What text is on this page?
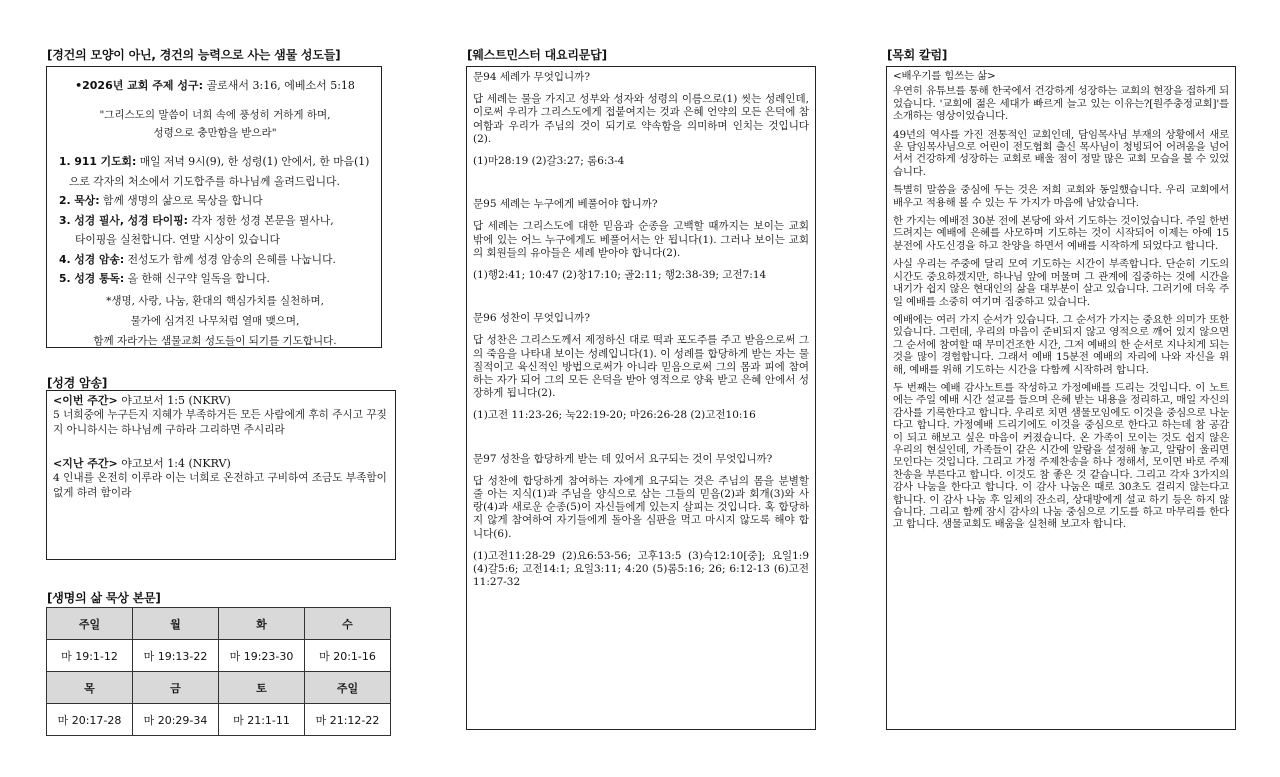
[경건의 모양이 아닌, 경건의 능력으로 사는 샘물 성도들]

•2026년 교회 주제 성구: 골로새서 3:16, 에베소서 5:18

"그리스도의 말씀이 너희 속에 풍성히 거하게 하며,

성령으로 충만함을 받으라"

1. 911 기도회: 매일 저녁 9시(9), 한 성령(1) 안에서, 한 마음(1)

으로 각자의 처소에서 기도합주를 하나님께 올려드립니다.

2. 묵상: 함께 생명의 삶으로 묵상을 합니다

3. 성경 필사, 성경 타이핑: 각자 정한 성경 본문을 필사나,

타이핑을 실천합니다. 연말 시상이 있습니다

4. 성경 암송: 전성도가 함께 성경 암송의 은혜를 나눕니다.

5. 성경 통독: 올 한해 신구약 일독을 합니다.

*생명, 사랑, 나눔, 환대의 핵심가치를 실천하며,

물가에 심겨진 나무처럼 열매 맺으며,

함께 자라가는 샘물교회 성도들이 되기를 기도합니다.

[성경 암송]

<이번 주간> 야고보서 1:5 (NKRV)

5 너희중에 누구든지 지혜가 부족하거든 모든 사람에게 후히 주시고 꾸짖지 아니하시는 하나님께 구하라 그리하면 주시리라

<지난 주간> 야고보서 1:4 (NKRV)

4 인내를 온전히 이루라 이는 너희로 온전하고 구비하여 조금도 부족함이 없게 하려 함이라

[생명의 삶 묵상 본문]
주일	월	화	수
마 19:1-12	마 19:13-22	마 19:23-30	마 20:1-16
목	금	토	주일
마 20:17-28	마 20:29-34	마 21:1-11	마 21:12-22
[웨스트민스터 대요리문답]

문94 세례가 무엇입니까?

답 세례는 물을 가지고 성부와 성자와 성령의 이름으로(1) 씻는 성례인데, 이로써 우리가 그리스도에게 접붙여지는 것과 은혜 언약의 모든 은덕에 참여함과 우리가 주님의 것이 되기로 약속함을 의미하며 인치는 것입니다(2).

(1)마28:19 (2)갈3:27; 롬6:3-4

문95 세례는 누구에게 베풀어야 합니까?

답 세례는 그리스도에 대한 믿음과 순종을 고백할 때까지는 보이는 교회 밖에 있는 어느 누구에게도 베풀어서는 안 됩니다(1). 그러나 보이는 교회의 회원들의 유아들은 세례 받아야 합니다(2).

(1)행2:41; 10:47 (2)창17:10; 골2:11; 행2:38-39; 고전7:14

문96 성찬이 무엇입니까?

답 성찬은 그리스도께서 제정하신 대로 떡과 포도주를 주고 받음으로써 그의 죽음을 나타내 보이는 성례입니다(1). 이 성례를 합당하게 받는 자는 물질적이고 육신적인 방법으로써가 아니라 믿음으로써 그의 몸과 피에 참여하는 자가 되어 그의 모든 은덕을 받아 영적으로 양육 받고 은혜 안에서 성장하게 됩니다(2).

(1)고전 11:23-26; 눅22:19-20; 마26:26-28 (2)고전10:16

문97 성찬을 합당하게 받는 데 있어서 요구되는 것이 무엇입니까?

답 성찬에 합당하게 참여하는 자에게 요구되는 것은 주님의 몸을 분별할 줄 아는 지식(1)과 주님을 양식으로 삼는 그들의 믿음(2)과 회개(3)와 사랑(4)과 새로운 순종(5)이 자신들에게 있는지 살피는 것입니다. 혹 합당하지 않게 참여하여 자기들에게 돌아올 심판을 먹고 마시지 않도록 해야 합니다(6).

(1)고전11:28-29 (2)요6:53-56; 고후13:5 (3)슥12:10[중]; 요일1:9 (4)갈5:6; 고전14:1; 요일3:11; 4:20 (5)롬5:16; 26; 6:12-13 (6)고전11:27-32

[목회 칼럼]

<배우기를 힘쓰는 삶>

우연히 유튜브를 통해 한국에서 건강하게 성장하는 교회의 현장을 접하게 되었습니다. '교회에 젊은 세대가 빠르게 늘고 있는 이유는?[원주충정교회]'를 소개하는 영상이었습니다.

49년의 역사를 가진 전통적인 교회인데, 담임목사님 부재의 상황에서 새로운 담임목사님으로 어린이 전도협회 출신 목사님이 청빙되어 어려움을 넘어서서 건강하게 성장하는 교회로 배울 점이 정말 많은 교회 모습을 볼 수 있었습니다.

특별히 말씀을 중심에 두는 것은 저희 교회와 동일했습니다. 우리 교회에서 배우고 적용해 볼 수 있는 두 가지가 마음에 남았습니다.

한 가지는 예배전 30분 전에 본당에 와서 기도하는 것이었습니다. 주일 한번 드려지는 예배에 은혜를 사모하며 기도하는 것이 시작되어 이제는 아예 15분전에 사도신경을 하고 찬양을 하면서 예배를 시작하게 되었다고 합니다.

사실 우리는 주중에 달리 모여 기도하는 시간이 부족합니다. 단순히 기도의 시간도 중요하겠지만, 하나님 앞에 머물며 그 관계에 집중하는 것에 시간을 내기가 쉽지 않은 현대인의 삶을 대부분이 살고 있습니다. 그러기에 더욱 주일 예배를 소중히 여기며 집중하고 있습니다.

예배에는 여러 가지 순서가 있습니다. 그 순서가 가지는 중요한 의미가 또한 있습니다. 그런데, 우리의 마음이 준비되지 않고 영적으로 깨어 있지 않으면 그 순서에 참여할 때 무미건조한 시간, 그저 예배의 한 순서로 지나치게 되는 것을 많이 경험합니다. 그래서 예배 15분전 예배의 자리에 나와 자신을 위해, 예배를 위해 기도하는 시간을 다함께 시작하려 합니다.

두 번째는 예배 감사노트를 작성하고 가정예배를 드리는 것입니다. 이 노트에는 주일 예배 시간 설교를 들으며 은혜 받는 내용을 정리하고, 매일 자신의 감사를 기록한다고 합니다. 우리로 치면 샘물모임에도 이것을 중심으로 나눈다고 합니다. 가정예배 드리기에도 이것을 중심으로 한다고 하는데 참 공감이 되고 해보고 싶은 마음이 커졌습니다. 온 가족이 모이는 것도 쉽지 않은 우리의 현실인데, 가족들이 같은 시간에 알람을 설정해 놓고, 알람이 울리면 모인다는 것입니다. 그리고 가정 주제찬송을 하나 정해서, 모이면 바로 주제 찬송을 부른다고 합니다. 이것도 참 좋은 것 같습니다. 그리고 각자 3가지의 감사 나눔을 한다고 합니다. 이 감사 나눔은 때로 30초도 걸리지 않는다고 합니다. 이 감사 나눔 후 일체의 잔소리, 상대방에게 설교 하기 등은 하지 않습니다. 그리고 함께 잠시 감사의 나눔 중심으로 기도를 하고 마무리를 한다고 합니다. 샘물교회도 배움을 실천해 보고자 합니다.
